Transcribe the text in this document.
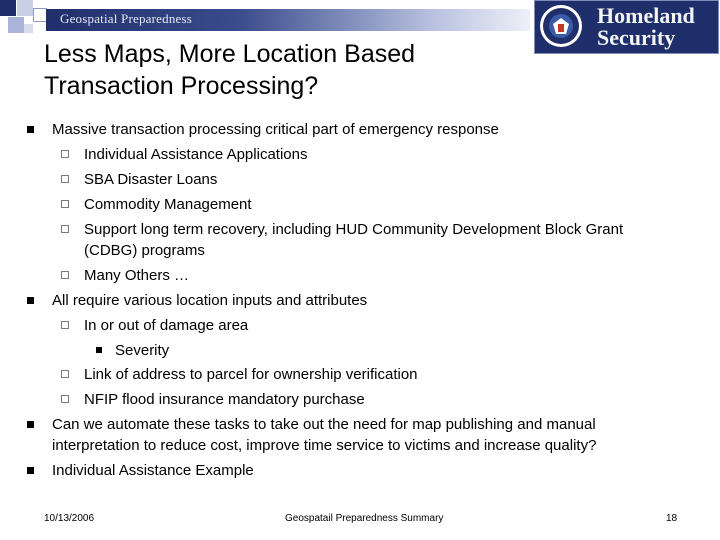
Geospatial Preparedness	Homeland
Security
Less Maps, More Location Based
Transaction Processing?
Massive transaction processing critical part of emergency response
Individual Assistance Applications
SBA Disaster Loans
Commodity Management
Support long term recovery, including HUD Community Development Block Grant
(CDBG) programs
Many Others …
All require various location inputs and attributes
In or out of damage area
Severity
Link of address to parcel for ownership verification
NFIP flood insurance mandatory purchase
Can we automate these tasks to take out the need for map publishing and manual
interpretation to reduce cost, improve time service to victims and increase quality?
Individual Assistance Example
10/13/2006	Geospatail Preparedness Summary	18
